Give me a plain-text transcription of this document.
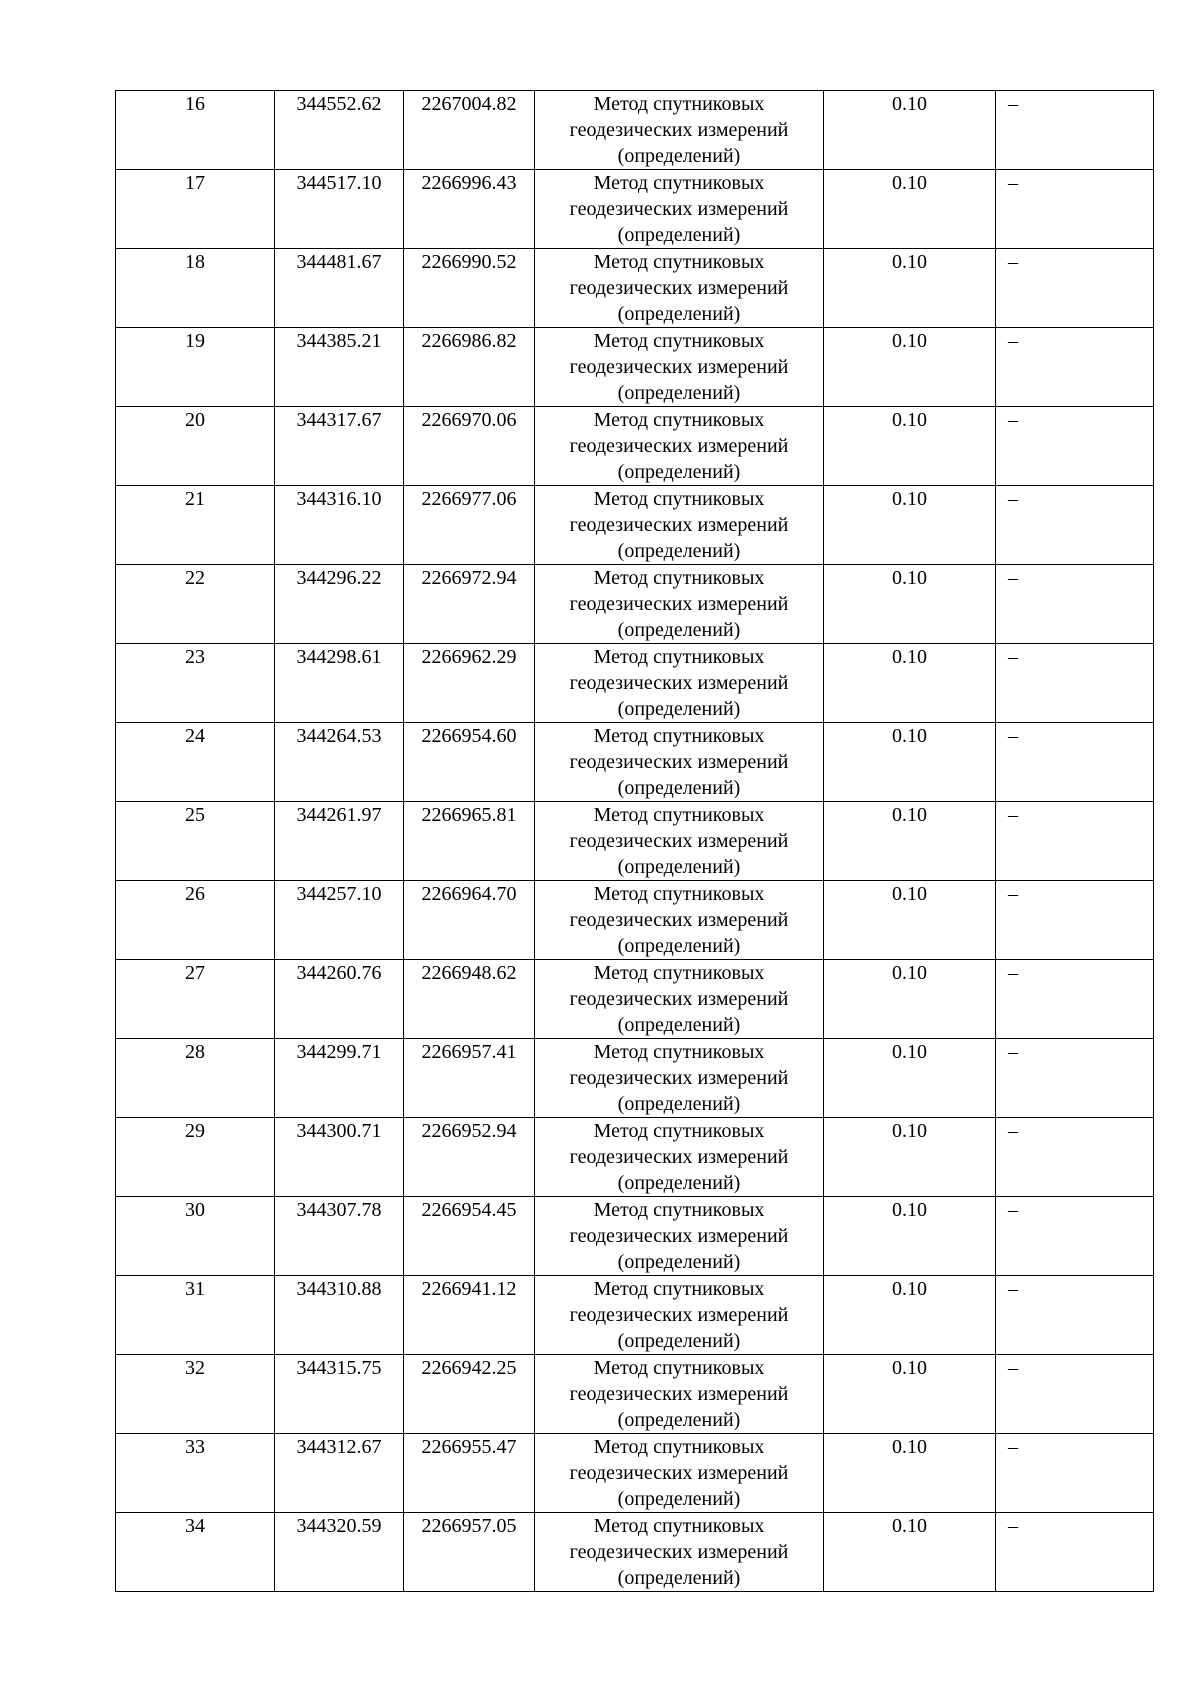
16	344552.62	2267004.82	Метод спутниковых
геодезических измерений
(определений)	0.10	–
17	344517.10	2266996.43	Метод спутниковых
геодезических измерений
(определений)	0.10	–
18	344481.67	2266990.52	Метод спутниковых
геодезических измерений
(определений)	0.10	–
19	344385.21	2266986.82	Метод спутниковых
геодезических измерений
(определений)	0.10	–
20	344317.67	2266970.06	Метод спутниковых
геодезических измерений
(определений)	0.10	–
21	344316.10	2266977.06	Метод спутниковых
геодезических измерений
(определений)	0.10	–
22	344296.22	2266972.94	Метод спутниковых
геодезических измерений
(определений)	0.10	–
23	344298.61	2266962.29	Метод спутниковых
геодезических измерений
(определений)	0.10	–
24	344264.53	2266954.60	Метод спутниковых
геодезических измерений
(определений)	0.10	–
25	344261.97	2266965.81	Метод спутниковых
геодезических измерений
(определений)	0.10	–
26	344257.10	2266964.70	Метод спутниковых
геодезических измерений
(определений)	0.10	–
27	344260.76	2266948.62	Метод спутниковых
геодезических измерений
(определений)	0.10	–
28	344299.71	2266957.41	Метод спутниковых
геодезических измерений
(определений)	0.10	–
29	344300.71	2266952.94	Метод спутниковых
геодезических измерений
(определений)	0.10	–
30	344307.78	2266954.45	Метод спутниковых
геодезических измерений
(определений)	0.10	–
31	344310.88	2266941.12	Метод спутниковых
геодезических измерений
(определений)	0.10	–
32	344315.75	2266942.25	Метод спутниковых
геодезических измерений
(определений)	0.10	–
33	344312.67	2266955.47	Метод спутниковых
геодезических измерений
(определений)	0.10	–
34	344320.59	2266957.05	Метод спутниковых
геодезических измерений
(определений)	0.10	–
